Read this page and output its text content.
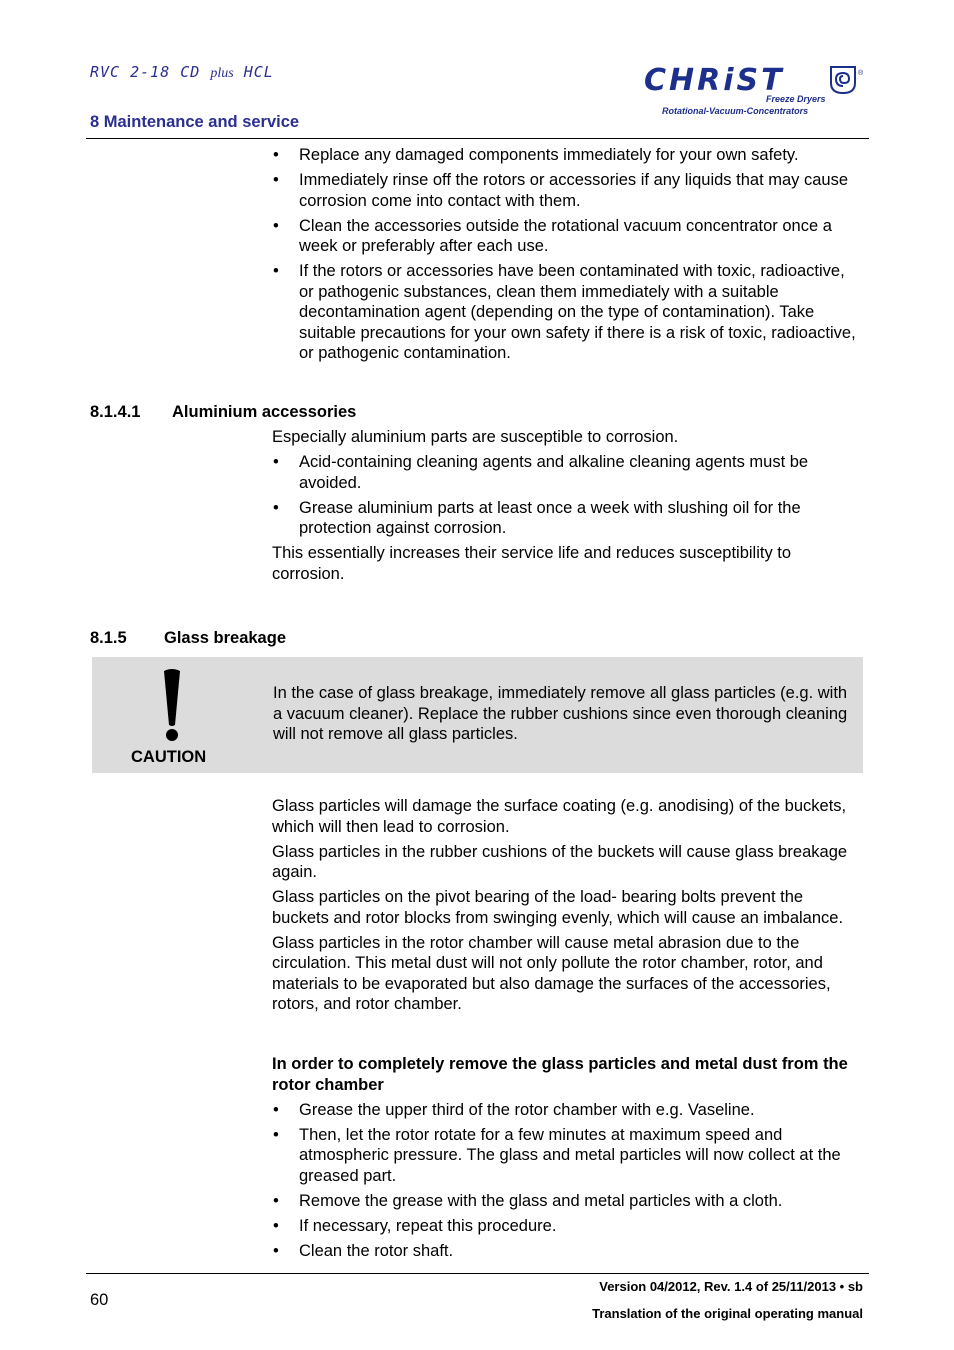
RVC 2-18 CD plus HCL
8 Maintenance and service
CHRiST	®
Freeze Dryers
Rotational-Vacuum-Concentrators
• Replace any damaged components immediately for your own safety.
• Immediately rinse off the rotors or accessories if any liquids that may cause corrosion come into contact with them.
• Clean the accessories outside the rotational vacuum concentrator once a week or preferably after each use.
• If the rotors or accessories have been contaminated with toxic, radioactive, or pathogenic substances, clean them immediately with a suitable decontamination agent (depending on the type of contamination). Take suitable precautions for your own safety if there is a risk of toxic, radioactive, or pathogenic contamination.
8.1.4.1 Aluminium accessories

Especially aluminium parts are susceptible to corrosion.

• Acid-containing cleaning agents and alkaline cleaning agents must be avoided.
• Grease aluminium parts at least once a week with slushing oil for the protection against corrosion.

This essentially increases their service life and reduces susceptibility to corrosion.

8.1.5 Glass breakage
CAUTION
In the case of glass breakage, immediately remove all glass particles (e.g. with a vacuum cleaner). Replace the rubber cushions since even thorough cleaning will not remove all glass particles.

Glass particles will damage the surface coating (e.g. anodising) of the buckets, which will then lead to corrosion.

Glass particles in the rubber cushions of the buckets will cause glass breakage again.

Glass particles on the pivot bearing of the load- bearing bolts prevent the buckets and rotor blocks from swinging evenly, which will cause an imbalance.

Glass particles in the rotor chamber will cause metal abrasion due to the circulation. This metal dust will not only pollute the rotor chamber, rotor, and materials to be evaporated but also damage the surfaces of the accessories, rotors, and rotor chamber.

In order to completely remove the glass particles and metal dust from the rotor chamber

• Grease the upper third of the rotor chamber with e.g. Vaseline.
• Then, let the rotor rotate for a few minutes at maximum speed and atmospheric pressure. The glass and metal particles will now collect at the greased part.
• Remove the grease with the glass and metal particles with a cloth.
• If necessary, repeat this procedure.
• Clean the rotor shaft.
60
Version 04/2012, Rev. 1.4 of 25/11/2013 • sb
Translation of the original operating manual
